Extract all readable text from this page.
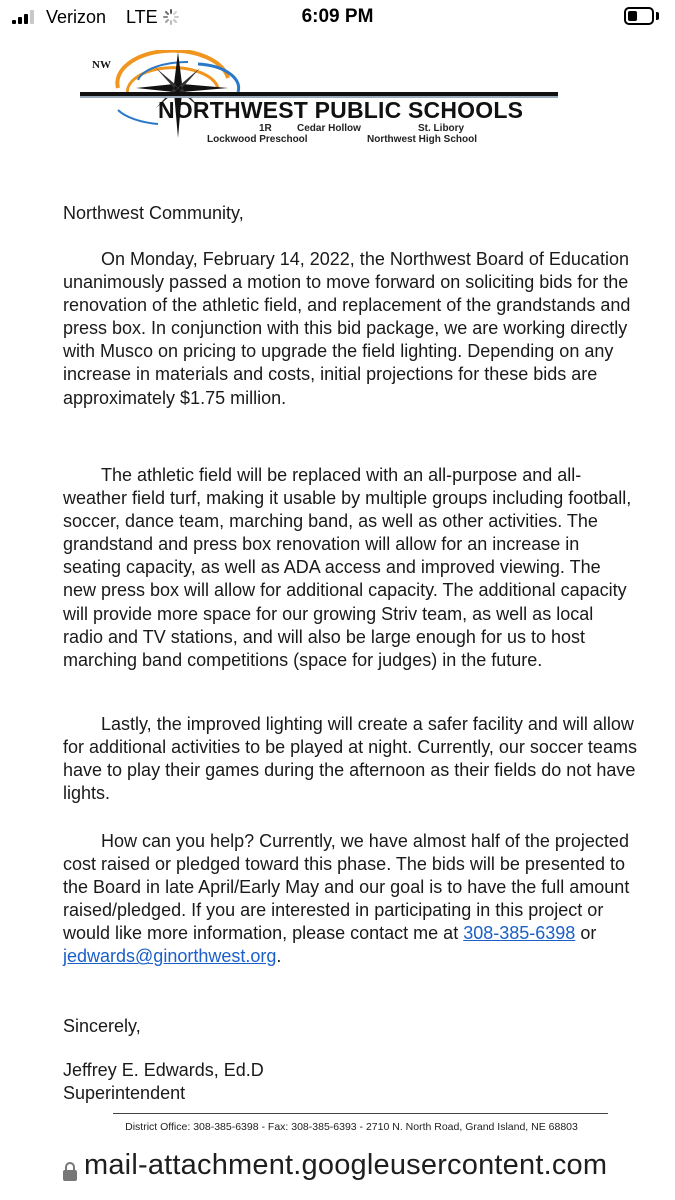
Verizon LTE	6:09 PM
NW
NORTHWEST PUBLIC SCHOOLS
1R	Cedar Hollow	St. Libory
Lockwood Preschool	Northwest High School

Northwest Community,

On Monday, February 14, 2022, the Northwest Board of Education unanimously passed a motion to move forward on soliciting bids for the renovation of the athletic field, and replacement of the grandstands and press box. In conjunction with this bid package, we are working directly with Musco on pricing to upgrade the field lighting. Depending on any increase in materials and costs, initial projections for these bids are approximately $1.75 million.

The athletic field will be replaced with an all-purpose and all-weather field turf, making it usable by multiple groups including football, soccer, dance team, marching band, as well as other activities. The grandstand and press box renovation will allow for an increase in seating capacity, as well as ADA access and improved viewing. The new press box will allow for additional capacity. The additional capacity will provide more space for our growing Striv team, as well as local radio and TV stations, and will also be large enough for us to host marching band competitions (space for judges) in the future.

Lastly, the improved lighting will create a safer facility and will allow for additional activities to be played at night. Currently, our soccer teams have to play their games during the afternoon as their fields do not have lights.

How can you help? Currently, we have almost half of the projected cost raised or pledged toward this phase. The bids will be presented to the Board in late April/Early May and our goal is to have the full amount raised/pledged. If you are interested in participating in this project or would like more information, please contact me at 308-385-6398 or jedwards@ginorthwest.org.

Sincerely,

Jeffrey E. Edwards, Ed.D

Superintendent

District Office: 308-385-6398 - Fax: 308-385-6393 - 2710 N. North Road, Grand Island, NE 68803
mail-attachment.googleusercontent.com
